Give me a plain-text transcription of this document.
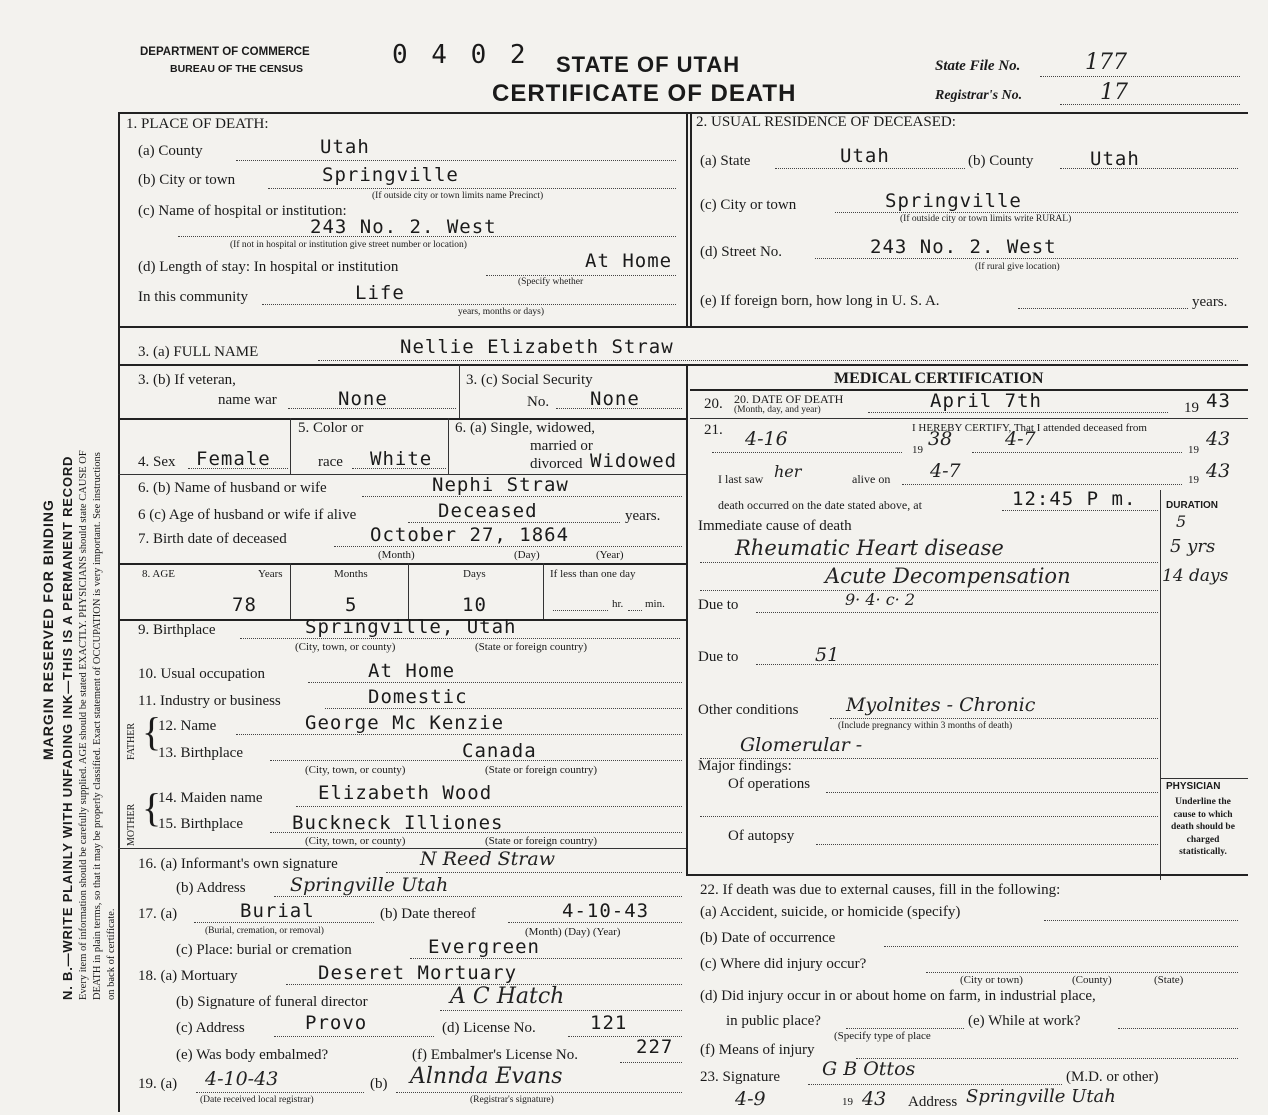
MARGIN RESERVED FOR BINDING N. B.—WRITE PLAINLY WITH UNFADING INK—THIS IS A PERMANENT RECORD Every item of information should be carefully supplied. AGE should be stated EXACTLY. PHYSICIANS should state CAUSE OF DEATH in plain terms, so that it may be properly classified. Exact statement of OCCUPATION is very important. See instructions on back of certificate.
DEPARTMENT OF COMMERCE
BUREAU OF THE CENSUS	0 4 0 2 STATE OF UTAH
CERTIFICATE OF DEATH
State File No.	177
Registrar's No.	17
1. PLACE OF DEATH:
(a) County	Utah
(b) City or town	Springville
(If outside city or town limits name Precinct)
(c) Name of hospital or institution:
243 No. 2. West
(If not in hospital or institution give street number or location)
(d) Length of stay: In hospital or institution	At Home
(Specify whether
In this community	Life
years, months or days)
2. USUAL RESIDENCE OF DECEASED:
(a) State	Utah	(b) County	Utah
(c) City or town	Springville
(If outside city or town limits write RURAL)
(d) Street No.	243 No. 2. West
(If rural give location)
(e) If foreign born, how long in U. S. A.	years.
3. (a) FULL NAME	Nellie Elizabeth Straw
3. (b) If veteran,
name war	None
3. (c) Social Security
No. None
4. Sex Female
5. Color or
race White
6. (a) Single, widowed,
married or
divorced Widowed
6. (b) Name of husband or wife	Nephi Straw
6 (c) Age of husband or wife if alive	Deceased	years.
7. Birth date of deceased	October 27, 1864
(Month)	(Day)	(Year)
8. AGE	Years	Months	Days	If less than one day
78	5	10	hr. min.
9. Birthplace	Springville, Utah
(City, town, or county)	(State or foreign country)
10. Usual occupation	At Home
11. Industry or business	Domestic
FATHER
MOTHER
{
{
12. Name	George Mc Kenzie
13. Birthplace	Canada
(City, town, or county)	(State or foreign country)
14. Maiden name	Elizabeth Wood
15. Birthplace	Buckneck Illiones
(City, town, or county)	(State or foreign country)
16. (a) Informant's own signature	N Reed Straw
(b) Address Springville Utah
17. (a)	Burial
(Burial, cremation, or removal)
(b) Date thereof	4-10-43
(Month) (Day) (Year)
(c) Place: burial or cremation	Evergreen
18. (a) Mortuary	Deseret Mortuary
(b) Signature of funeral director	A C Hatch
(c) Address	Provo	(d) License No.	121
(e) Was body embalmed?	(f) Embalmer's License No.	227
19. (a) 4-10-43
(Date received local registrar)
(b) Alnnda Evans
(Registrar's signature)
MEDICAL CERTIFICATION
20. DATE OF DEATH
(Month, day, and year)
20.	April 7th	19 43
21.	I HEREBY CERTIFY, That I attended deceased from
4-16	19 38	4-7	19 43
I last saw her	alive on 4-7	19 43
death occurred on the date stated above, at	12:45 P m.	DURATION
Immediate cause of death	5
Rheumatic Heart disease	5 yrs
Acute Decompensation	14 days
Due to	9· 4· c· 2
Due to	51
Other conditions	Myolnites - Chronic
(Include pregnancy within 3 months of death)
Glomerular -
Major findings:
Of operations
Of autopsy
PHYSICIAN
Underline the cause to which death should be charged statistically.
22. If death was due to external causes, fill in the following:
(a) Accident, suicide, or homicide (specify)
(b) Date of occurrence
(c) Where did injury occur?
(City or town)	(County)	(State)
(d) Did injury occur in or about home on farm, in industrial place,
in public place?
(Specify type of place
(e) While at work?
(f) Means of injury
23. Signature G B Ottos	(M.D. or other)
4-9	19 43 Address Springville Utah
